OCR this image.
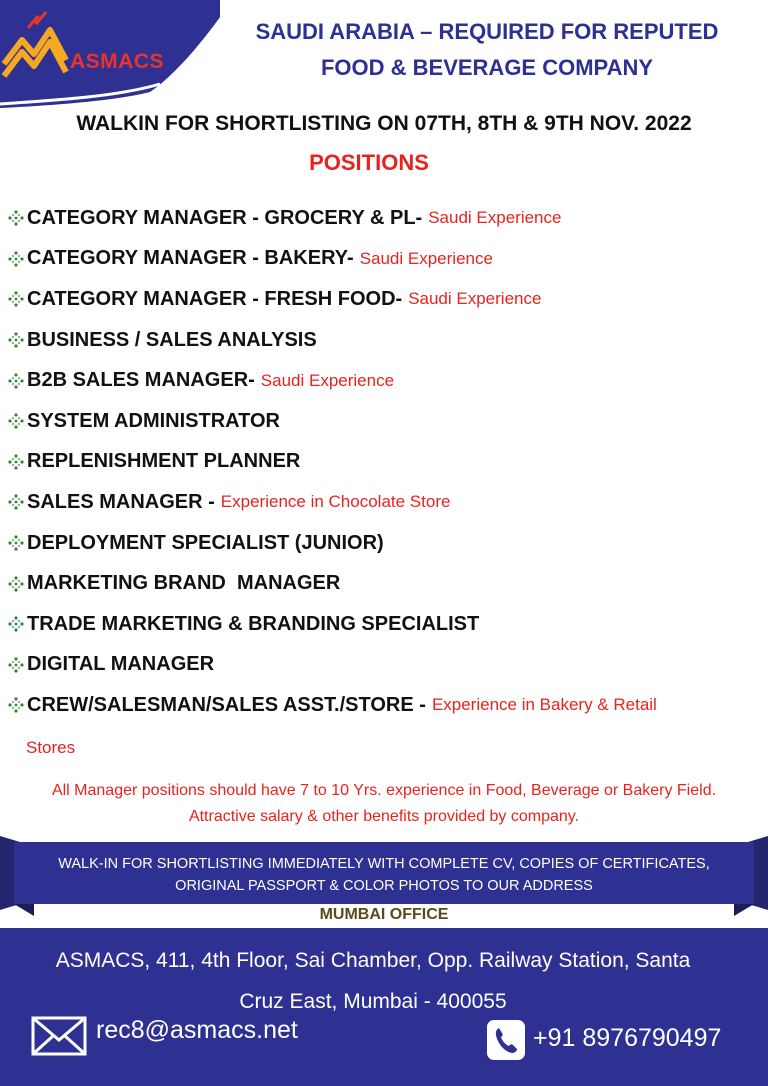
ASMACS
SAUDI ARABIA – REQUIRED FOR REPUTED
FOOD & BEVERAGE COMPANY
WALKIN FOR SHORTLISTING ON 07TH, 8TH & 9TH NOV. 2022
POSITIONS
CATEGORY MANAGER - GROCERY & PL- Saudi Experience
CATEGORY MANAGER - BAKERY- Saudi Experience
CATEGORY MANAGER - FRESH FOOD- Saudi Experience
BUSINESS / SALES ANALYSIS
B2B SALES MANAGER- Saudi Experience
SYSTEM ADMINISTRATOR
REPLENISHMENT PLANNER
SALES MANAGER - Experience in Chocolate Store
DEPLOYMENT SPECIALIST (JUNIOR)
MARKETING BRAND  MANAGER
TRADE MARKETING & BRANDING SPECIALIST
DIGITAL MANAGER
CREW/SALESMAN/SALES ASST./STORE - Experience in Bakery & Retail
Stores
All Manager positions should have 7 to 10 Yrs. experience in Food, Beverage or Bakery Field.
Attractive salary & other benefits provided by company.
WALK-IN FOR SHORTLISTING IMMEDIATELY WITH COMPLETE CV, COPIES OF CERTIFICATES,
ORIGINAL PASSPORT & COLOR PHOTOS TO OUR ADDRESS
MUMBAI OFFICE
ASMACS, 411, 4th Floor, Sai Chamber, Opp. Railway Station, Santa
Cruz East, Mumbai - 400055
rec8@asmacs.net	+91 8976790497
